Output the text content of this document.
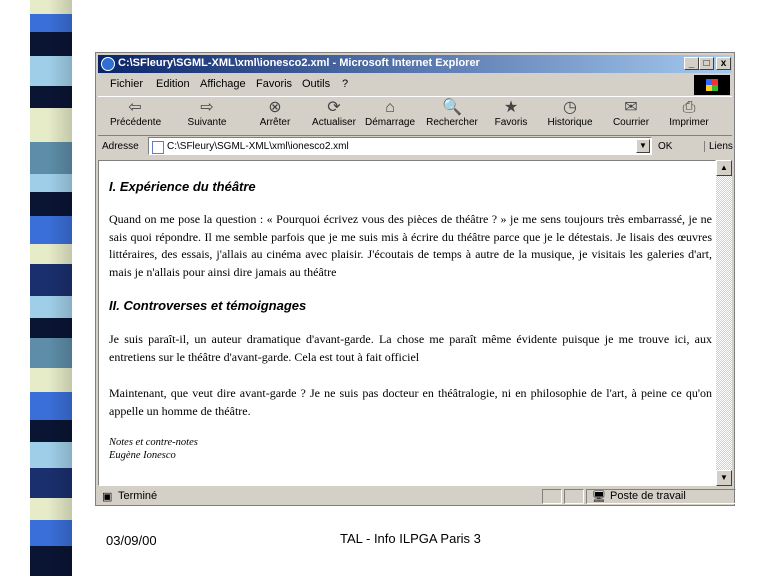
C:\SFleury\SGML-XML\xml\ionesco2.xml - Microsoft Internet Explorer	_ □	x
Fichier Edition Affichage Favoris Outils ?
⇦
Précédente
⇨
Suivante
⊗
Arrêter
⟳
Actualiser
⌂
Démarrage
🔍
Rechercher
★
Favoris
◷
Historique
✉
Courrier
⎙
Imprimer
Adresse	C:\SFleury\SGML-XML\xml\ionesco2.xml	▼	OK	Liens
I. Expérience du théâtre

Quand on me pose la question : « Pourquoi écrivez vous des pièces de théâtre ? » je me sens toujours très embarrassé, je ne sais quoi répondre. Il me semble parfois que je me suis mis à écrire du théâtre parce que je le détestais. Je lisais des œuvres littéraires, des essais, j'allais au cinéma avec plaisir. J'écoutais de temps à autre de la musique, je visitais les galeries d'art, mais je n'allais pour ainsi dire jamais au théâtre

II. Controverses et témoignages

Je suis paraît-il, un auteur dramatique d'avant-garde. La chose me paraît même évidente puisque je me trouve ici, aux entretiens sur le théâtre d'avant-garde. Cela est tout à fait officiel

Maintenant, que veut dire avant-garde ? Je ne suis pas docteur en théâtralogie, ni en philosophie de l'art, à peine ce qu'on appelle un homme de théâtre.

Notes et contre-notes
Eugène Ionesco
▲
▼
▣ Terminé	🖥 Poste de travail
03/09/00	TAL - Info ILPGA Paris 3
